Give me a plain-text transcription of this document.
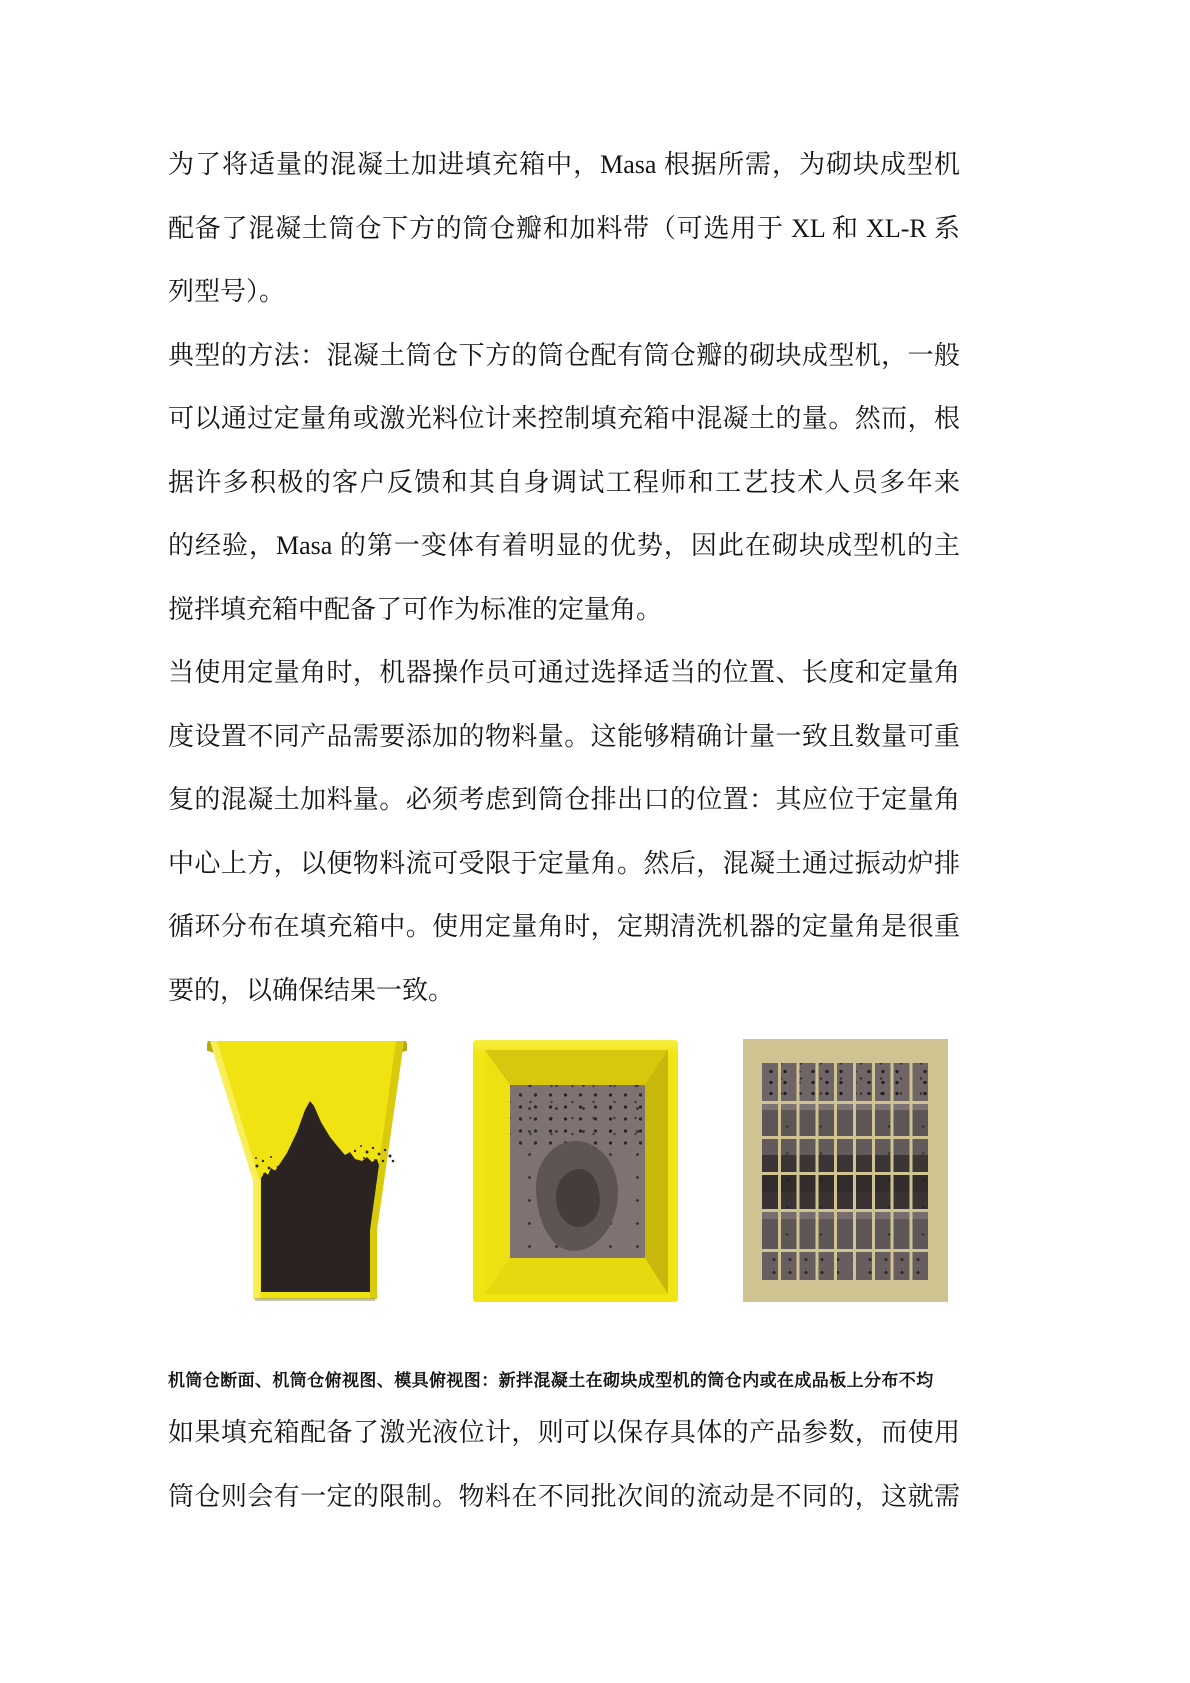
为了将适量的混凝土加进填充箱中，Masa 根据所需，为砌块成型机
配备了混凝土筒仓下方的筒仓瓣和加料带（可选用于 XL 和 XL-R 系
列型号）。
典型的方法：混凝土筒仓下方的筒仓配有筒仓瓣的砌块成型机，一般
可以通过定量角或激光料位计来控制填充箱中混凝土的量。然而，根
据许多积极的客户反馈和其自身调试工程师和工艺技术人员多年来
的经验，Masa 的第一变体有着明显的优势，因此在砌块成型机的主
搅拌填充箱中配备了可作为标准的定量角。
当使用定量角时，机器操作员可通过选择适当的位置、长度和定量角
度设置不同产品需要添加的物料量。这能够精确计量一致且数量可重
复的混凝土加料量。必须考虑到筒仓排出口的位置：其应位于定量角
中心上方，以便物料流可受限于定量角。然后，混凝土通过振动炉排
循环分布在填充箱中。使用定量角时，定期清洗机器的定量角是很重
要的，以确保结果一致。
机筒仓断面、机筒仓俯视图、模具俯视图：新拌混凝土在砌块成型机的筒仓内或在成品板上分布不均
如果填充箱配备了激光液位计，则可以保存具体的产品参数，而使用
筒仓则会有一定的限制。物料在不同批次间的流动是不同的，这就需
